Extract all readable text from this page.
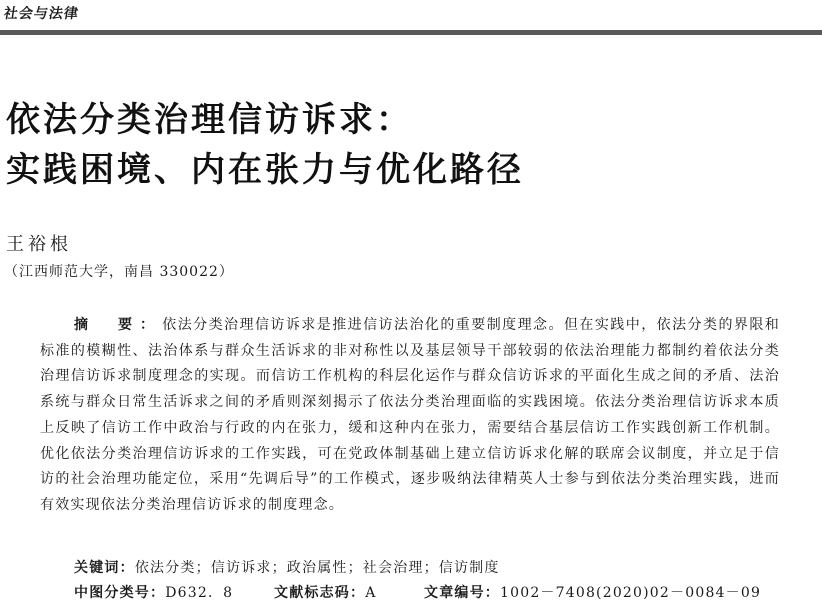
社会与法律
依法分类治理信访诉求：
实践困境、内在张力与优化路径
王裕根
（江西师范大学，南昌 330022）
摘　要：依法分类治理信访诉求是推进信访法治化的重要制度理念。但在实践中，依法分类的界限和标准的模糊性、法治体系与群众生活诉求的非对称性以及基层领导干部较弱的依法治理能力都制约着依法分类治理信访诉求制度理念的实现。而信访工作机构的科层化运作与群众信访诉求的平面化生成之间的矛盾、法治系统与群众日常生活诉求之间的矛盾则深刻揭示了依法分类治理面临的实践困境。依法分类治理信访诉求本质上反映了信访工作中政治与行政的内在张力，缓和这种内在张力，需要结合基层信访工作实践创新工作机制。优化依法分类治理信访诉求的工作实践，可在党政体制基础上建立信访诉求化解的联席会议制度，并立足于信访的社会治理功能定位，采用“先调后导”的工作模式，逐步吸纳法律精英人士参与到依法分类治理实践，进而有效实现依法分类治理信访诉求的制度理念。
关键词：依法分类；信访诉求；政治属性；社会治理；信访制度
中图分类号：D632．8	文献标志码：A	文章编号：1002－7408(2020)02－0084－09
